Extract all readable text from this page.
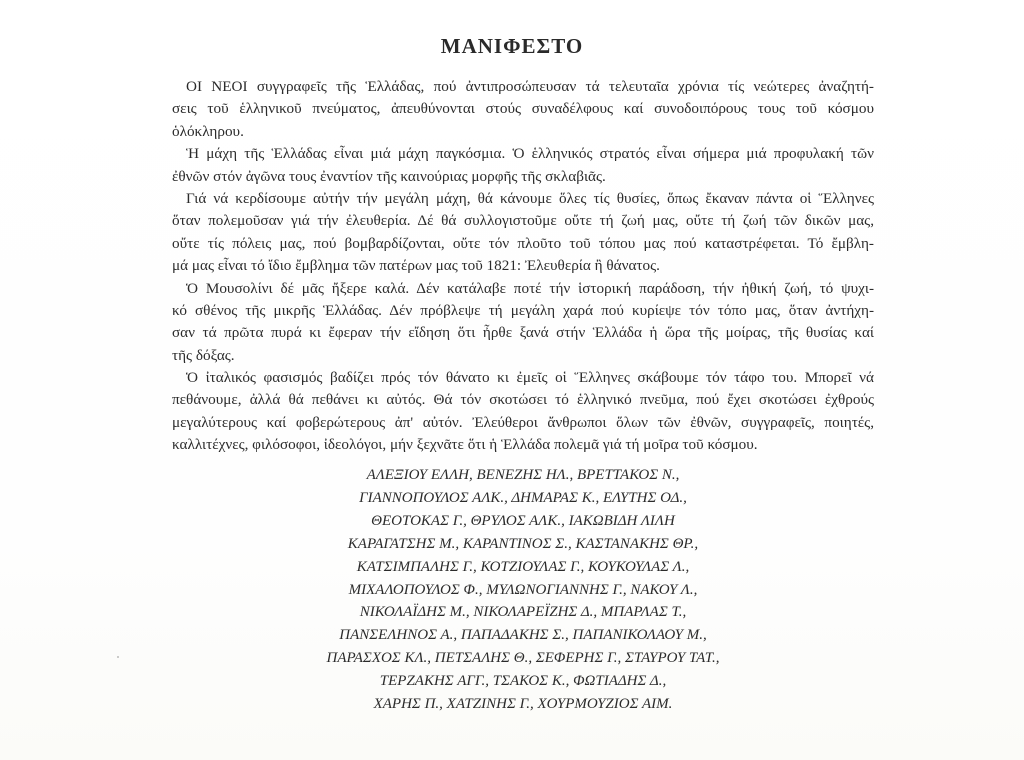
ΜΑΝΙΦΕΣΤΟ

ΟΙ ΝΕΟΙ συγγραφεῖς τῆς Ἑλλάδας, πού ἀντιπροσώπευσαν τά τελευταῖα χρόνια τίς νεώτερες ἀναζητή-
σεις τοῦ ἑλληνικοῦ πνεύματος, ἀπευθύνονται στούς συναδέλφους καί συνοδοιπόρους τους τοῦ κόσμου
ὁλόκληρου.

Ἡ μάχη τῆς Ἑλλάδας εἶναι μιά μάχη παγκόσμια. Ὁ ἑλληνικός στρατός εἶναι σήμερα μιά προφυλακή τῶν
ἐθνῶν στόν ἀγῶνα τους ἐναντίον τῆς καινούριας μορφῆς τῆς σκλαβιᾶς.

Γιά νά κερδίσουμε αὐτήν τήν μεγάλη μάχη, θά κάνουμε ὅλες τίς θυσίες, ὅπως ἔκαναν πάντα οἱ Ἕλληνες
ὅταν πολεμοῦσαν γιά τήν ἐλευθερία. Δέ θά συλλογιστοῦμε οὔτε τή ζωή μας, οὔτε τή ζωή τῶν δικῶν μας,
οὔτε τίς πόλεις μας, πού βομβαρδίζονται, οὔτε τόν πλοῦτο τοῦ τόπου μας πού καταστρέφεται. Τό ἔμβλη-
μά μας εἶναι τό ἴδιο ἔμβλημα τῶν πατέρων μας τοῦ 1821: Ἐλευθερία ἢ θάνατος.

Ὁ Μουσολίνι δέ μᾶς ἤξερε καλά. Δέν κατάλαβε ποτέ τήν ἱστορική παράδοση, τήν ἠθική ζωή, τό ψυχι-
κό σθένος τῆς μικρῆς Ἑλλάδας. Δέν πρόβλεψε τή μεγάλη χαρά πού κυρίεψε τόν τόπο μας, ὅταν ἀντήχη-
σαν τά πρῶτα πυρά κι ἔφεραν τήν εἴδηση ὅτι ἦρθε ξανά στήν Ἑλλάδα ἡ ὥρα τῆς μοίρας, τῆς θυσίας καί
τῆς δόξας.

Ὁ ἰταλικός φασισμός βαδίζει πρός τόν θάνατο κι ἐμεῖς οἱ Ἕλληνες σκάβουμε τόν τάφο του. Μπορεῖ νά
πεθάνουμε, ἀλλά θά πεθάνει κι αὐτός. Θά τόν σκοτώσει τό ἑλληνικό πνεῦμα, πού ἔχει σκοτώσει ἐχθρούς
μεγαλύτερους καί φοβερώτερους ἀπ' αὐτόν. Ἐλεύθεροι ἄνθρωποι ὅλων τῶν ἐθνῶν, συγγραφεῖς, ποιητές,
καλλιτέχνες, φιλόσοφοι, ἰδεολόγοι, μήν ξεχνᾶτε ὅτι ἡ Ἑλλάδα πολεμᾶ γιά τή μοῖρα τοῦ κόσμου.

ΑΛΕΞΙΟΥ ΕΛΛΗ, ΒΕΝΕΖΗΣ ΗΛ., ΒΡΕΤΤΑΚΟΣ Ν.,
ΓΙΑΝΝΟΠΟΥΛΟΣ ΑΛΚ., ΔΗΜΑΡΑΣ Κ., ΕΛΥΤΗΣ ΟΔ.,
ΘΕΟΤΟΚΑΣ Γ., ΘΡΥΛΟΣ ΑΛΚ., ΙΑΚΩΒΙΔΗ ΛΙΛΗ
ΚΑΡΑΓΑΤΣΗΣ Μ., ΚΑΡΑΝΤΙΝΟΣ Σ., ΚΑΣΤΑΝΑΚΗΣ ΘΡ.,
ΚΑΤΣΙΜΠΑΛΗΣ Γ., ΚΟΤΖΙΟΥΛΑΣ Γ., ΚΟΥΚΟΥΛΑΣ Λ.,
ΜΙΧΑΛΟΠΟΥΛΟΣ Φ., ΜΥΛΩΝΟΓΙΑΝΝΗΣ Γ., ΝΑΚΟΥ Λ.,
ΝΙΚΟΛΑΪΔΗΣ Μ., ΝΙΚΟΛΑΡΕΪΖΗΣ Δ., ΜΠΑΡΛΑΣ Τ.,
ΠΑΝΣΕΛΗΝΟΣ Α., ΠΑΠΑΔΑΚΗΣ Σ., ΠΑΠΑΝΙΚΟΛΑΟΥ Μ.,
ΠΑΡΑΣΧΟΣ ΚΛ., ΠΕΤΣΑΛΗΣ Θ., ΣΕΦΕΡΗΣ Γ., ΣΤΑΥΡΟΥ ΤΑΤ.,
ΤΕΡΖΑΚΗΣ ΑΓΓ., ΤΣΑΚΟΣ Κ., ΦΩΤΙΑΔΗΣ Δ.,
ΧΑΡΗΣ Π., ΧΑΤΖΙΝΗΣ Γ., ΧΟΥΡΜΟΥΖΙΟΣ ΑΙΜ.
